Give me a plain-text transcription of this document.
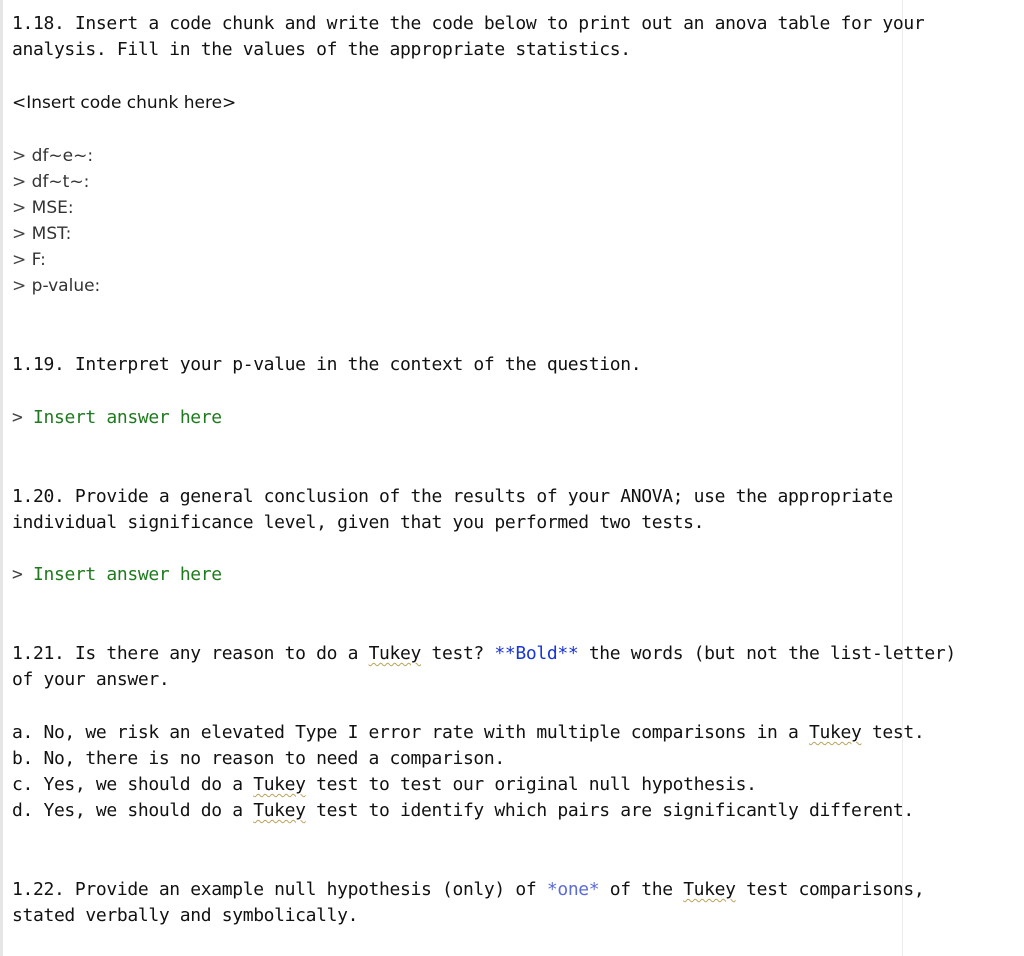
1.18. Insert a code chunk and write the code below to print out an anova table for your
analysis. Fill in the values of the appropriate statistics.
<Insert code chunk here>
> df~e~:
> df~t~:
> MSE:
> MST:
> F:
> p-value:
1.19. Interpret your p-value in the context of the question.
> Insert answer here
1.20. Provide a general conclusion of the results of your ANOVA; use the appropriate
individual significance level, given that you performed two tests.
> Insert answer here
1.21. Is there any reason to do a Tukey test? **Bold** the words (but not the list-letter)
of your answer.
a. No, we risk an elevated Type I error rate with multiple comparisons in a Tukey test.
b. No, there is no reason to need a comparison.
c. Yes, we should do a Tukey test to test our original null hypothesis.
d. Yes, we should do a Tukey test to identify which pairs are significantly different.
1.22. Provide an example null hypothesis (only) of *one* of the Tukey test comparisons,
stated verbally and symbolically.
